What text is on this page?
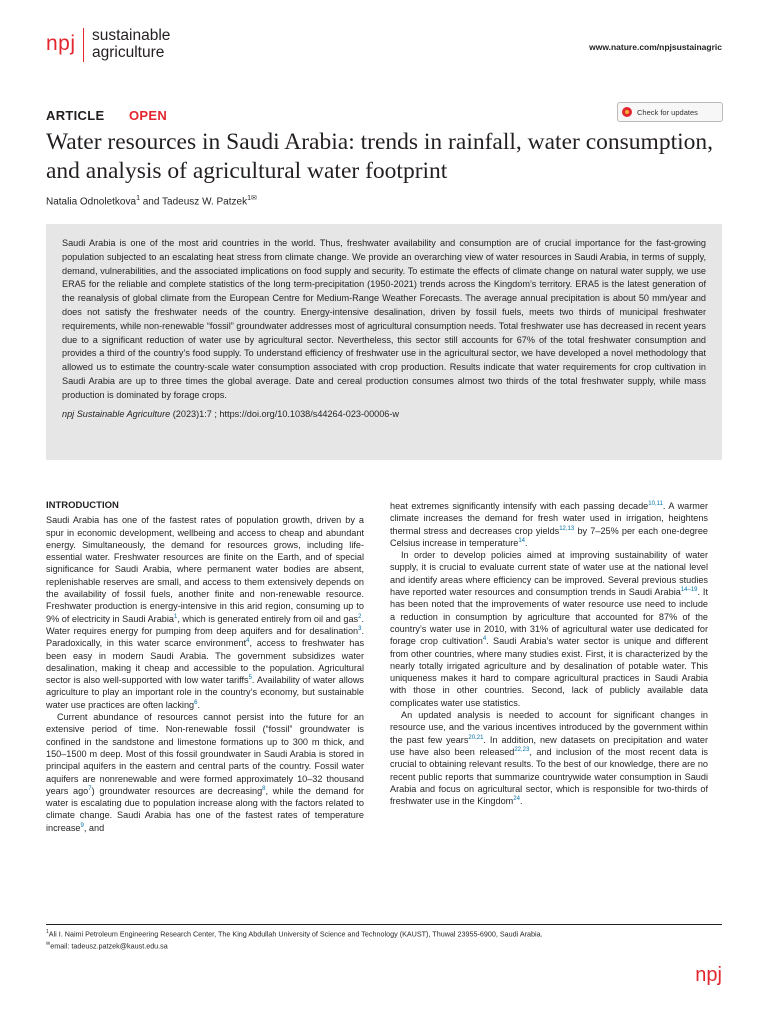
npj sustainable
agriculture	www.nature.com/npjsustainagric
ARTICLE OPEN	Check for updates
Water resources in Saudi Arabia: trends in rainfall, water consumption, and analysis of agricultural water footprint
Natalia Odnoletkova$^1$ and Tadeusz W. Patzek$^{1✉}$

Saudi Arabia is one of the most arid countries in the world. Thus, freshwater availability and consumption are of crucial importance for the fast-growing population subjected to an escalating heat stress from climate change. We provide an overarching view of water resources in Saudi Arabia, in terms of supply, demand, vulnerabilities, and the associated implications on food supply and security. To estimate the effects of climate change on natural water supply, we use ERA5 for the reliable and complete statistics of the long term-precipitation (1950-2021) trends across the Kingdom’s territory. ERA5 is the latest generation of the reanalysis of global climate from the European Centre for Medium-Range Weather Forecasts. The average annual precipitation is about 50 mm/year and does not satisfy the freshwater needs of the country. Energy-intensive desalination, driven by fossil fuels, meets two thirds of municipal freshwater requirements, while non-renewable “fossil” groundwater addresses most of agricultural consumption needs. Total freshwater use has decreased in recent years due to a significant reduction of water use by agricultural sector. Nevertheless, this sector still accounts for 67% of the total freshwater consumption and provides a third of the country’s food supply. To understand efficiency of freshwater use in the agricultural sector, we have developed a novel methodology that allowed us to estimate the country-scale water consumption associated with crop production. Results indicate that water requirements for crop cultivation in Saudi Arabia are up to three times the global average. Date and cereal production consumes almost two thirds of the total freshwater supply, while mass production is dominated by forage crops.

npj Sustainable Agriculture (2023)1:7 ; https://doi.org/10.1038/s44264-023-00006-w
INTRODUCTION

Saudi Arabia has one of the fastest rates of population growth, driven by a spur in economic development, wellbeing and access to cheap and abundant energy. Simultaneously, the demand for resources grows, including life-essential water. Freshwater resources are finite on the Earth, and of special significance for Saudi Arabia, where permanent water bodies are absent, replenishable reserves are small, and access to them extensively depends on the availability of fossil fuels, another finite and non-renewable resource. Freshwater production is energy-intensive in this arid region, consuming up to 9% of electricity in Saudi Arabia$^1$, which is generated entirely from oil and gas$^2$. Water requires energy for pumping from deep aquifers and for desalination$^3$. Paradoxically, in this water scarce environment$^4$, access to freshwater has been easy in modern Saudi Arabia. The government subsidizes water desalination, making it cheap and accessible to the population. Agricultural sector is also well-supported with low water tariffs$^5$. Availability of water allows agriculture to play an important role in the country’s economy, but sustainable water use practices are often lacking$^6$.

Current abundance of resources cannot persist into the future for an extensive period of time. Non-renewable fossil (“fossil” groundwater is confined in the sandstone and limestone formations up to 300 m thick, and 150–1500 m deep. Most of this fossil groundwater in Saudi Arabia is stored in principal aquifers in the eastern and central parts of the country. Fossil water aquifers are nonrenewable and were formed approximately 10–32 thousand years ago$^7$) groundwater resources are decreasing$^8$, while the demand for water is escalating due to population increase along with the factors related to climate change. Saudi Arabia has one of the fastest rates of temperature increase$^9$, and

heat extremes significantly intensify with each passing decade$^{10,11}$. A warmer climate increases the demand for fresh water used in irrigation, heightens thermal stress and decreases crop yields$^{12,13}$ by 7–25% per each one-degree Celsius increase in temperature$^{14}$.

In order to develop policies aimed at improving sustainability of water supply, it is crucial to evaluate current state of water use at the national level and identify areas where efficiency can be improved. Several previous studies have reported water resources and consumption trends in Saudi Arabia$^{14-19}$. It has been noted that the improvements of water resource use need to include a reduction in consumption by agriculture that accounted for 87% of the country’s water use in 2010, with 31% of agricultural water use dedicated for forage crop cultivation$^4$. Saudi Arabia’s water sector is unique and different from other countries, where many studies exist. First, it is characterized by the nearly totally irrigated agriculture and by desalination of potable water. This uniqueness makes it hard to compare agricultural practices in Saudi Arabia with those in other countries. Second, lack of publicly available data complicates water use statistics.

An updated analysis is needed to account for significant changes in resource use, and the various incentives introduced by the government within the past few years$^{20,21}$. In addition, new datasets on precipitation and water use have also been released$^{22,23}$, and inclusion of the most recent data is crucial to obtaining relevant results. To the best of our knowledge, there are no recent public reports that summarize countrywide water consumption in Saudi Arabia and focus on agricultural sector, which is responsible for two-thirds of freshwater use in the Kingdom$^{24}$.

$^1$Ali I. Naimi Petroleum Engineering Research Center, The King Abdullah University of Science and Technology (KAUST), Thuwal 23955-6900, Saudi Arabia.
✉email: tadeusz.patzek@kaust.edu.sa
npj
